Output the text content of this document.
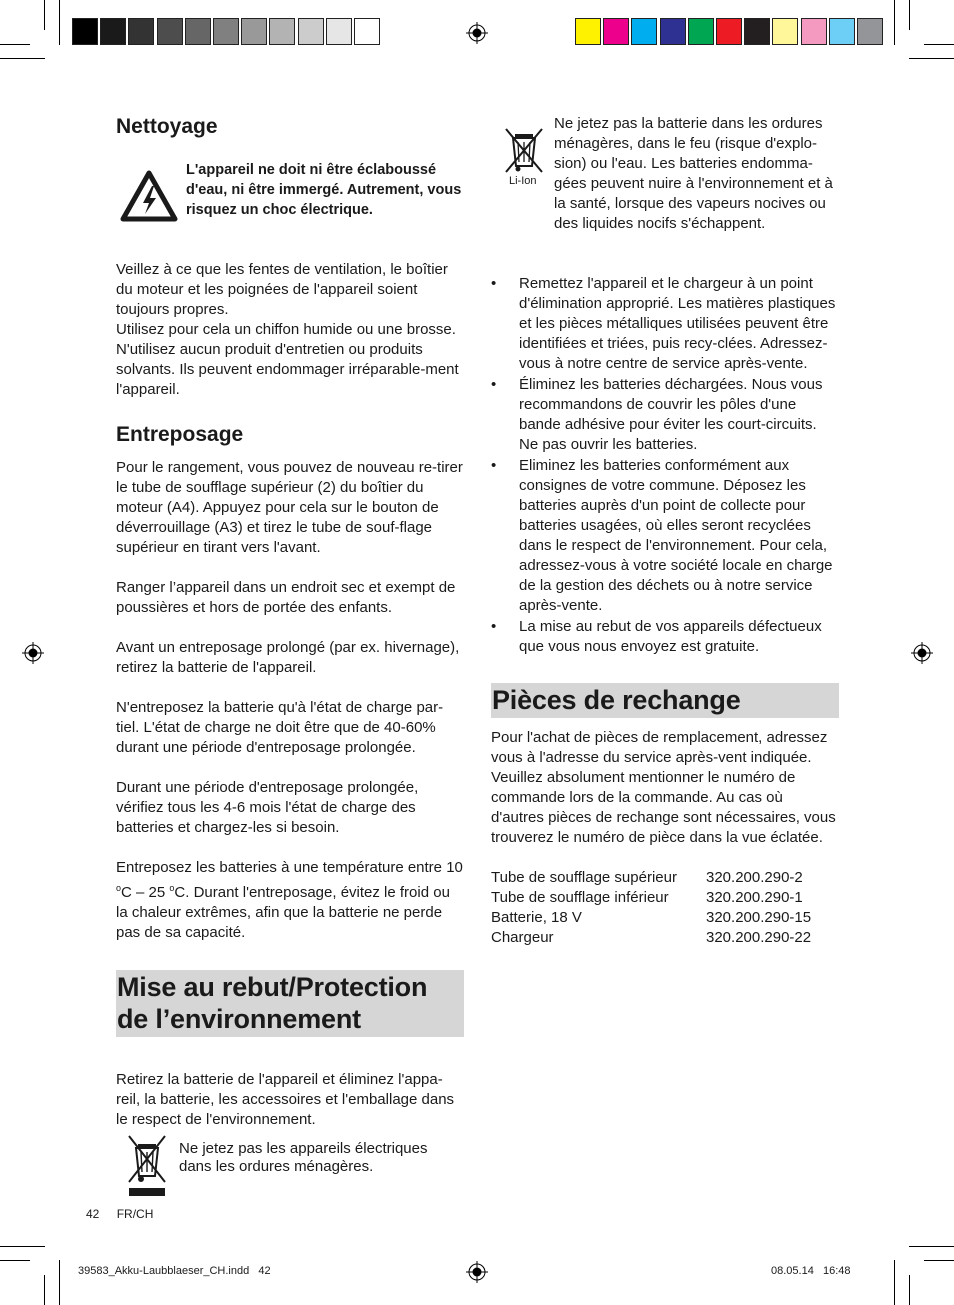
Nettoyage

L'appareil ne doit ni être éclaboussé d'eau, ni être immergé. Autrement, vous risquez un choc électrique.

Veillez à ce que les fentes de ventilation, le boîtier du moteur et les poignées de l'appareil soient toujours propres.

Utilisez pour cela un chiffon humide ou une brosse. N'utilisez aucun produit d'entretien ou produits solvants. Ils peuvent endommager irréparable-ment l'appareil.

Entreposage

Pour le rangement, vous pouvez de nouveau re-tirer le tube de soufflage supérieur (2) du boîtier du moteur (A4). Appuyez pour cela sur le bouton de déverrouillage (A3) et tirez le tube de souf-flage supérieur en tirant vers l'avant.

Ranger l’appareil dans un endroit sec et exempt de poussières et hors de portée des enfants.

Avant un entreposage prolongé (par ex. hivernage), retirez la batterie de l'appareil.

N'entreposez la batterie qu'à l'état de charge par-tiel. L'état de charge ne doit être que de 40-60% durant une période d'entreposage prolongée.

Durant une période d'entreposage prolongée, vérifiez tous les 4-6 mois l'état de charge des batteries et chargez-les si besoin.

Entreposez les batteries à une température entre 10 $^o$C – 25 $^o$C. Durant l'entreposage, évitez le froid ou la chaleur extrêmes, afin que la batterie ne perde pas de sa capacité.

Mise au rebut/Protection de l’environnement

Retirez la batterie de l'appareil et éliminez l'appa-reil, la batterie, les accessoires et l'emballage dans le respect de l'environnement.

Ne jetez pas les appareils électriques dans les ordures ménagères.

Li-Ion

Ne jetez pas la batterie dans les ordures ménagères, dans le feu (risque d'explo-sion) ou l'eau. Les batteries endomma-gées peuvent nuire à l'environnement et à la santé, lorsque des vapeurs nocives ou des liquides nocifs s'échappent.

• Remettez l'appareil et le chargeur à un point d'élimination approprié. Les matières plastiques et les pièces métalliques utilisées peuvent être identifiées et triées, puis recy-clées. Adressez-vous à notre centre de service après-vente.
• Éliminez les batteries déchargées. Nous vous recommandons de couvrir les pôles d'une bande adhésive pour éviter les court-circuits. Ne pas ouvrir les batteries.
• Eliminez les batteries conformément aux consignes de votre commune. Déposez les batteries auprès d'un point de collecte pour batteries usagées, où elles seront recyclées dans le respect de l'environnement. Pour cela, adressez-vous à votre société locale en charge de la gestion des déchets ou à notre service après-vente.
• La mise au rebut de vos appareils défectueux que vous nous envoyez est gratuite.
Pièces de rechange

Pour l'achat de pièces de remplacement, adressez vous à l'adresse du service après-vent indiquée. Veuillez absolument mentionner le numéro de commande lors de la commande. Au cas où d'autres pièces de rechange sont nécessaires, vous trouverez le numéro de pièce dans la vue éclatée.

Tube de soufflage supérieur	320.200.290-2
Tube de soufflage inférieur	320.200.290-1
Batterie, 18 V	320.200.290-15
Chargeur	320.200.290-22
42 FR/CH
39583_Akku-Laubblaeser_CH.indd   42	08.05.14   16:48
